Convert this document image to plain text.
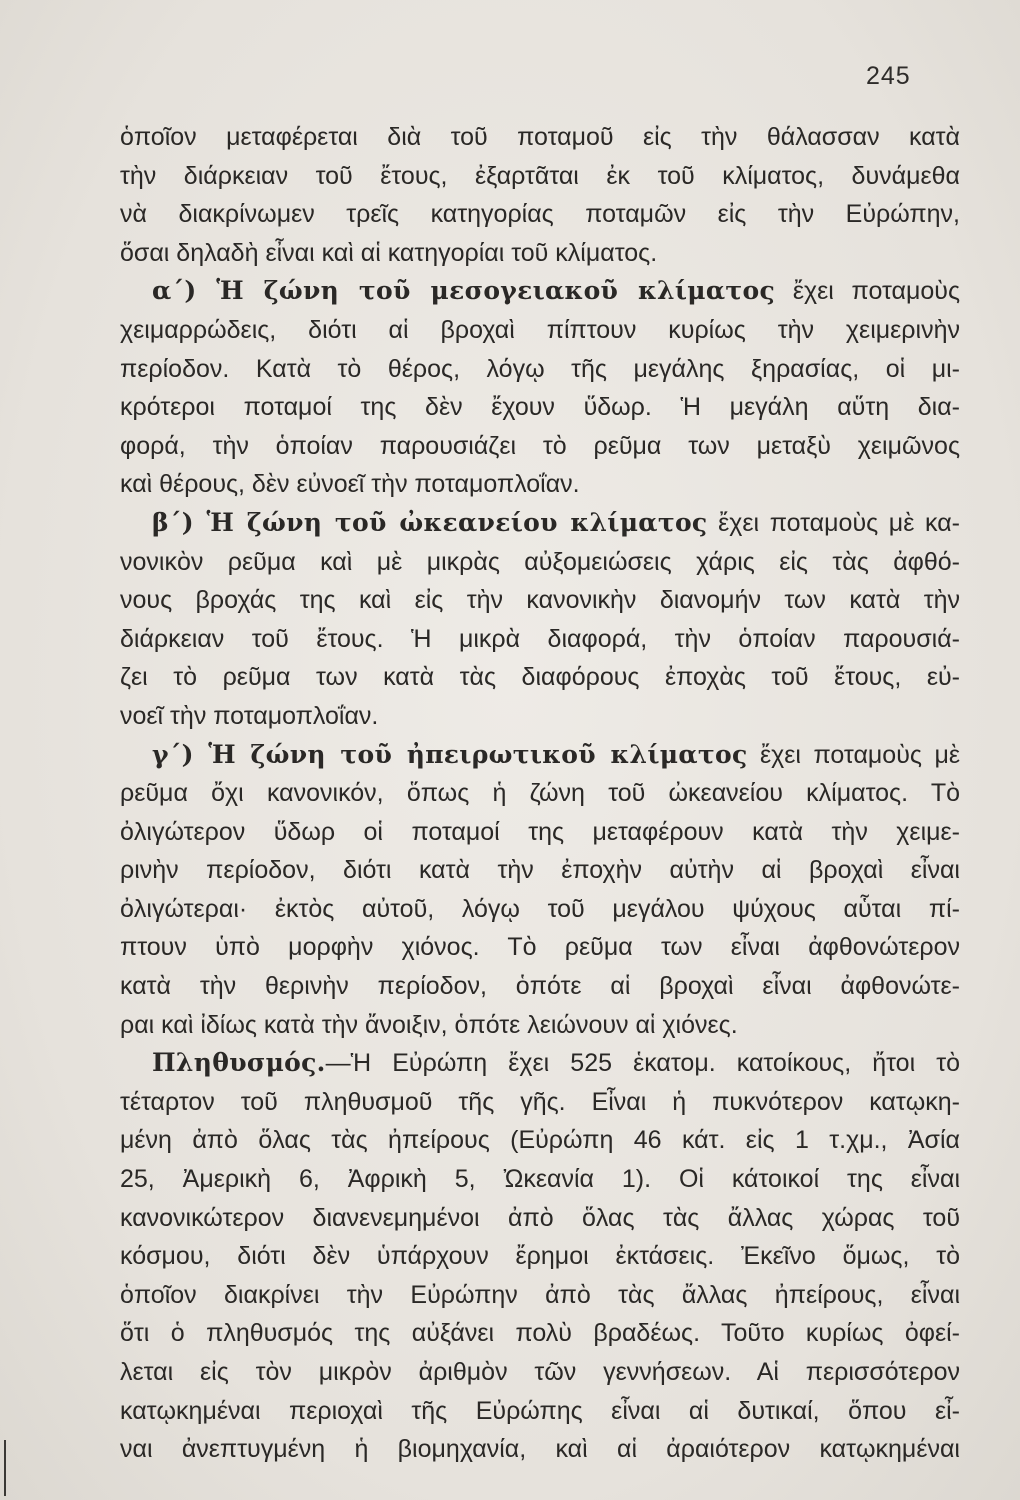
245
ὁποῖον μεταφέρεται διὰ τοῦ ποταμοῦ εἰς τὴν θάλασσαν κατὰ
τὴν διάρκειαν τοῦ ἔτους, ἐξαρτᾶται ἐκ τοῦ κλίματος, δυνάμεθα
νὰ διακρίνωμεν τρεῖς κατηγορίας ποταμῶν εἰς τὴν Εὐρώπην,
ὅσαι δηλαδὴ εἶναι καὶ αἱ κατηγορίαι τοῦ κλίματος.
α΄) Ἡ ζώνη τοῦ μεσογειακοῦ κλίματος ἔχει ποταμοὺς
χειμαρρώδεις, διότι αἱ βροχαὶ πίπτουν κυρίως τὴν χειμερινὴν
περίοδον. Κατὰ τὸ θέρος, λόγῳ τῆς μεγάλης ξηρασίας, οἱ μι-
κρότεροι ποταμοί της δὲν ἔχουν ὕδωρ. Ἡ μεγάλη αὕτη δια-
φορά, τὴν ὁποίαν παρουσιάζει τὸ ρεῦμα των μεταξὺ χειμῶνος
καὶ θέρους, δὲν εὐνοεῖ τὴν ποταμοπλοΐαν.
β΄) Ἡ ζώνη τοῦ ὠκεανείου κλίματος ἔχει ποταμοὺς μὲ κα-
νονικὸν ρεῦμα καὶ μὲ μικρὰς αὐξομειώσεις χάρις εἰς τὰς ἀφθό-
νους βροχάς της καὶ εἰς τὴν κανονικὴν διανομήν των κατὰ τὴν
διάρκειαν τοῦ ἔτους. Ἡ μικρὰ διαφορά, τὴν ὁποίαν παρουσιά-
ζει τὸ ρεῦμα των κατὰ τὰς διαφόρους ἐποχὰς τοῦ ἔτους, εὐ-
νοεῖ τὴν ποταμοπλοΐαν.
γ΄) Ἡ ζώνη τοῦ ἠπειρωτικοῦ κλίματος ἔχει ποταμοὺς μὲ
ρεῦμα ὄχι κανονικόν, ὅπως ἡ ζώνη τοῦ ὠκεανείου κλίματος. Τὸ
ὀλιγώτερον ὕδωρ οἱ ποταμοί της μεταφέρουν κατὰ τὴν χειμε-
ρινὴν περίοδον, διότι κατὰ τὴν ἐποχὴν αὐτὴν αἱ βροχαὶ εἶναι
ὀλιγώτεραι· ἐκτὸς αὐτοῦ, λόγῳ τοῦ μεγάλου ψύχους αὗται πί-
πτουν ὑπὸ μορφὴν χιόνος. Τὸ ρεῦμα των εἶναι ἀφθονώτερον
κατὰ τὴν θερινὴν περίοδον, ὁπότε αἱ βροχαὶ εἶναι ἀφθονώτε-
ραι καὶ ἰδίως κατὰ τὴν ἄνοιξιν, ὁπότε λειώνουν αἱ χιόνες.
Πληθυσμός.—Ἡ Εὐρώπη ἔχει 525 ἑκατομ. κατοίκους, ἤτοι τὸ
τέταρτον τοῦ πληθυσμοῦ τῆς γῆς. Εἶναι ἡ πυκνότερον κατῳκη-
μένη ἀπὸ ὅλας τὰς ἠπείρους (Εὐρώπη 46 κάτ. εἰς 1 τ.χμ., Ἀσία
25, Ἀμερικὴ 6, Ἀφρικὴ 5, Ὠκεανία 1). Οἱ κάτοικοί της εἶναι
κανονικώτερον διανενεμημένοι ἀπὸ ὅλας τὰς ἄλλας χώρας τοῦ
κόσμου, διότι δὲν ὑπάρχουν ἔρημοι ἐκτάσεις. Ἐκεῖνο ὅμως, τὸ
ὁποῖον διακρίνει τὴν Εὐρώπην ἀπὸ τὰς ἄλλας ἠπείρους, εἶναι
ὅτι ὁ πληθυσμός της αὐξάνει πολὺ βραδέως. Τοῦτο κυρίως ὀφεί-
λεται εἰς τὸν μικρὸν ἀριθμὸν τῶν γεννήσεων. Αἱ περισσότερον
κατῳκημέναι περιοχαὶ τῆς Εὐρώπης εἶναι αἱ δυτικαί, ὅπου εἶ-
ναι ἀνεπτυγμένη ἡ βιομηχανία, καὶ αἱ ἀραιότερον κατῳκημέναι
